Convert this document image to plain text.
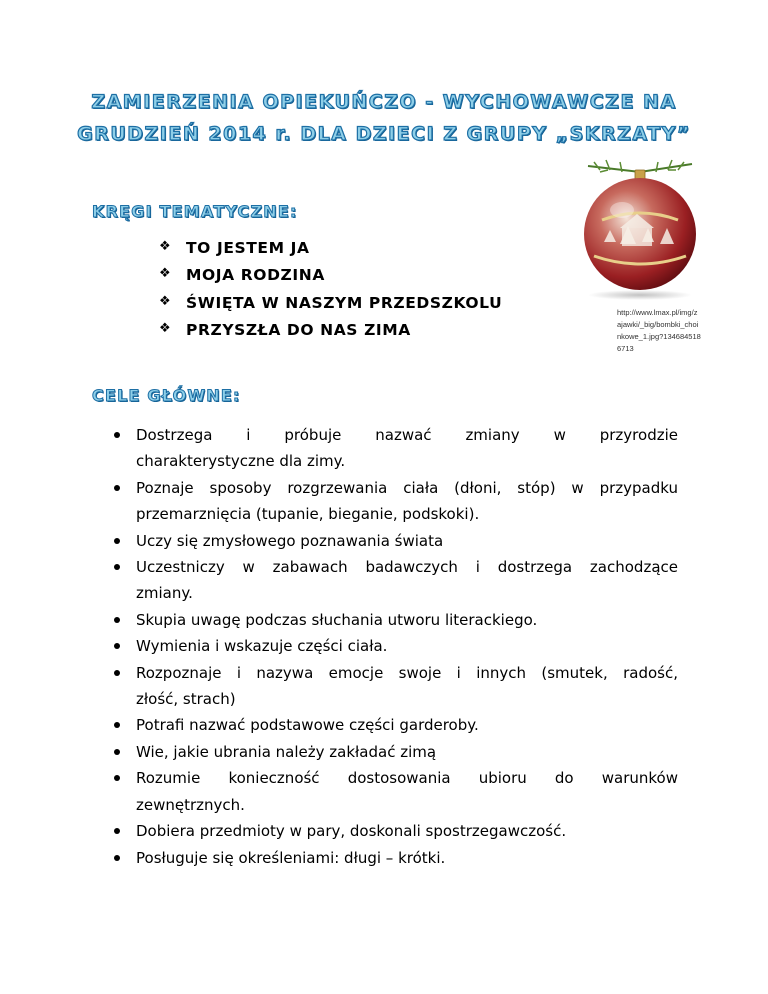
ZAMIERZENIA OPIEKUŃCZO - WYCHOWAWCZE NA
GRUDZIEŃ 2014 r. DLA DZIECI Z GRUPY „SKRZATY”
KRĘGI TEMATYCZNE:
❖
TO JESTEM JA
❖
MOJA RODZINA
❖
ŚWIĘTA W NASZYM PRZEDSZKOLU
❖
PRZYSZŁA DO NAS ZIMA

http://www.lmax.pl/img/zajawki/_big/bombki_choinkowe_1.jpg?1346845186713

CELE GŁÓWNE:
Dostrzega i próbuje nazwać zmiany w przyrodzie
charakterystyczne dla zimy.
Poznaje sposoby rozgrzewania ciała (dłoni, stóp) w przypadku
przemarznięcia (tupanie, bieganie, podskoki).
Uczy się zmysłowego poznawania świata
Uczestniczy w zabawach badawczych i dostrzega zachodzące
zmiany.
Skupia uwagę podczas słuchania utworu literackiego.
Wymienia i wskazuje części ciała.
Rozpoznaje i nazywa emocje swoje i innych (smutek, radość,
złość, strach)
Potrafi nazwać podstawowe części garderoby.
Wie, jakie ubrania należy zakładać zimą
Rozumie konieczność dostosowania ubioru do warunków
zewnętrznych.
Dobiera przedmioty w pary, doskonali spostrzegawczość.
Posługuje się określeniami: długi – krótki.
